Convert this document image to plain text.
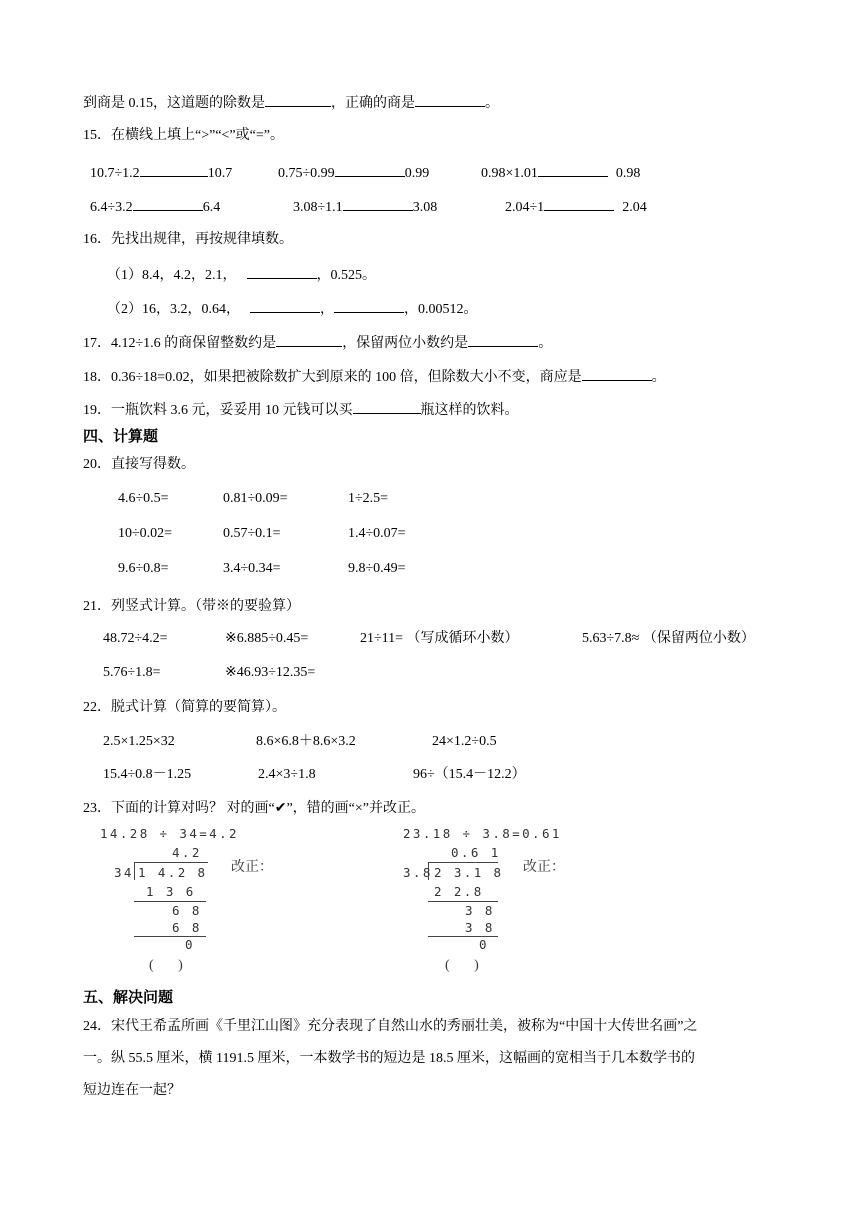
到商是 0.15，这道题的除数是	，正确的商是	。
15．在横线上填上“>”“<”或“=”。
10.7÷1.2	10.7	0.75÷0.99	0.99	0.98×1.01	0.98
6.4÷3.2	6.4	3.08÷1.1	3.08	2.04÷1	2.04
16．先找出规律，再按规律填数。
（1）8.4，4.2，2.1，	，0.525。
（2）16，3.2，0.64，	，	，0.00512。
17．4.12÷1.6 的商保留整数约是	，保留两位小数约是	。
18．0.36÷18=0.02，如果把被除数扩大到原来的 100 倍，但除数大小不变，商应是	。
19．一瓶饮料 3.6 元，妥妥用 10 元钱可以买	瓶这样的饮料。
四、计算题
20．直接写得数。
4.6÷0.5=	0.81÷0.09=	1÷2.5=
10÷0.02=	0.57÷0.1=	1.4÷0.07=
9.6÷0.8=	3.4÷0.34=	9.8÷0.49=
21．列竖式计算。（带※的要验算）
48.72÷4.2=	※6.885÷0.45=	21÷11= （写成循环小数）	5.63÷7.8≈ （保留两位小数）
5.76÷1.8=	※46.93÷12.35=
22．脱式计算（简算的要简算）。
2.5×1.25×32	8.6×6.8＋8.6×3.2	24×1.2÷0.5
15.4÷0.8－1.25	2.4×3÷1.8	96÷（15.4－12.2）
23．下面的计算对吗？ 对的画“✔”，错的画“×”并改正。
14.28 ÷ 34=4.2
4.2
34 1 4.2 8
1 3 6
6 8
6 8
0
改正：
(       )
23.18 ÷ 3.8=0.61
0.6 1
3.8 2 3.1 8
2 2.8
3 8
3 8
0
改正：
(       )
五、解决问题
24．宋代王希孟所画《千里江山图》充分表现了自然山水的秀丽壮美，被称为“中国十大传世名画”之
一。纵 55.5 厘米，横 1191.5 厘米，一本数学书的短边是 18.5 厘米，这幅画的宽相当于几本数学书的
短边连在一起？
